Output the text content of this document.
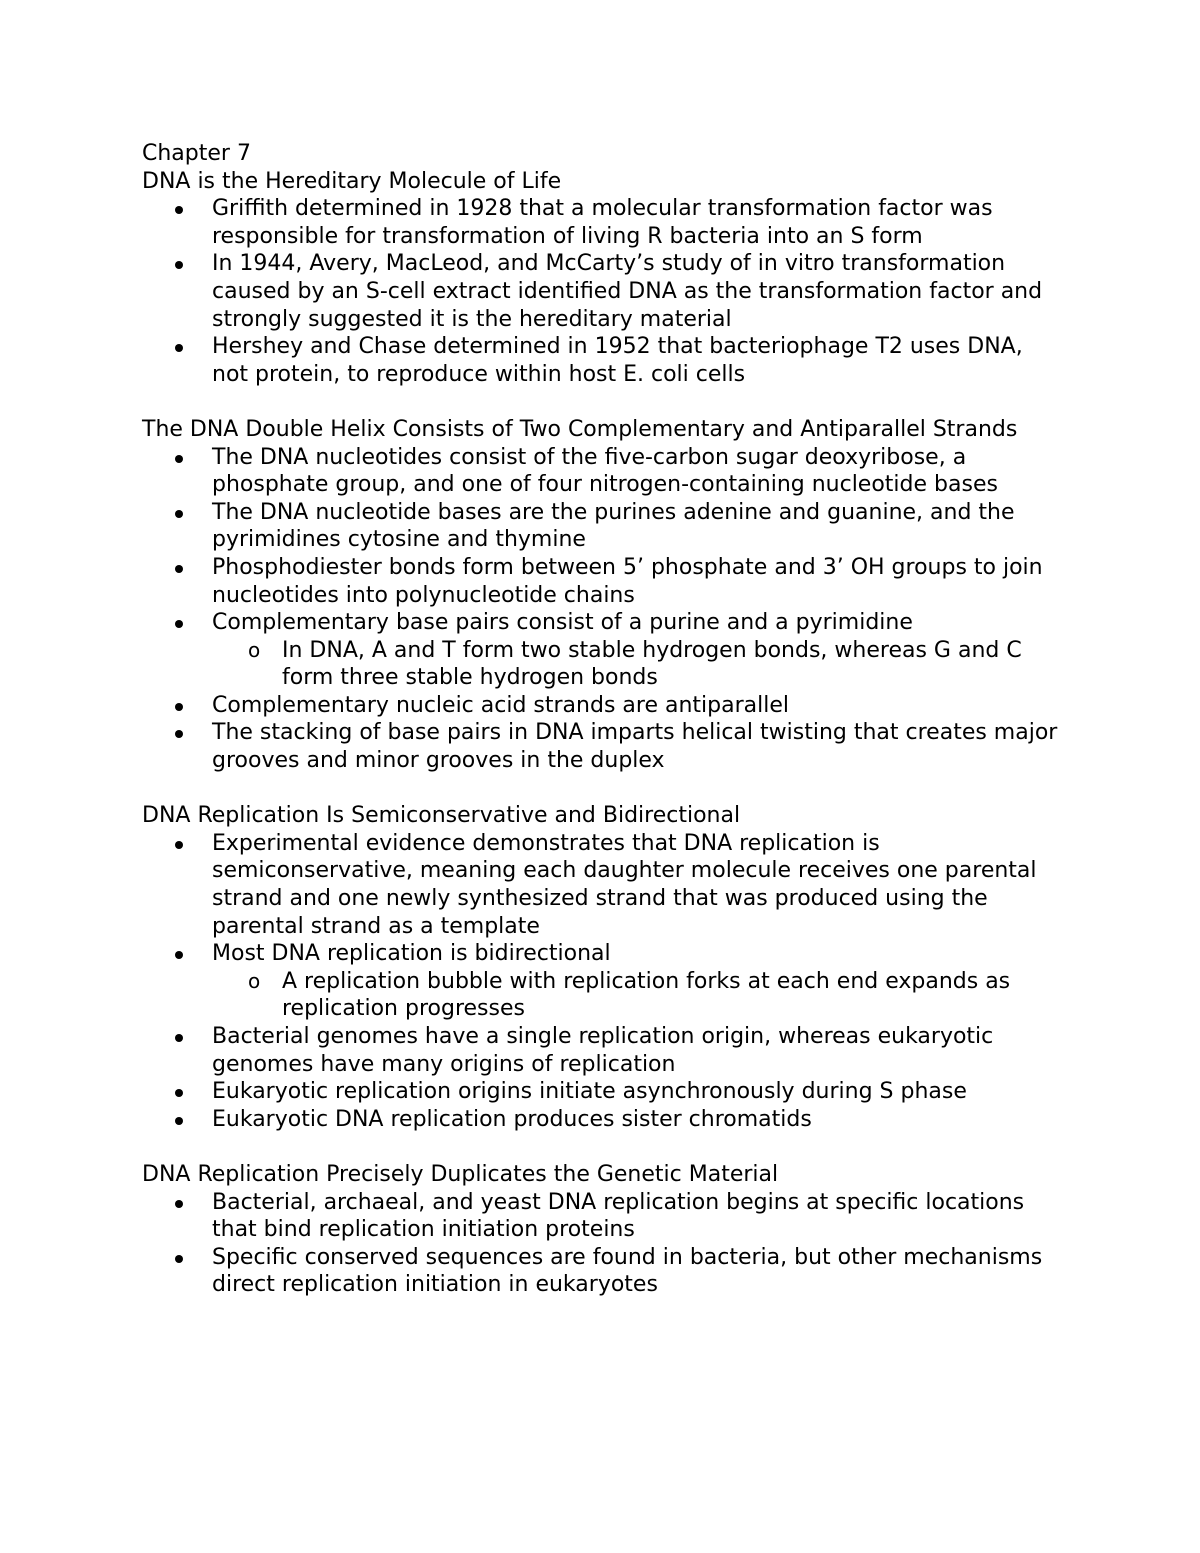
Chapter 7
DNA is the Hereditary Molecule of Life
Griffith determined in 1928 that a molecular transformation factor was responsible for transformation of living R bacteria into an S form
In 1944, Avery, MacLeod, and McCarty’s study of in vitro transformation caused by an S-cell extract identified DNA as the transformation factor and strongly suggested it is the hereditary material
Hershey and Chase determined in 1952 that bacteriophage T2 uses DNA, not protein, to reproduce within host E. coli cells
The DNA Double Helix Consists of Two Complementary and Antiparallel Strands
The DNA nucleotides consist of the five-carbon sugar deoxyribose, a phosphate group, and one of four nitrogen-containing nucleotide bases
The DNA nucleotide bases are the purines adenine and guanine, and the pyrimidines cytosine and thymine
Phosphodiester bonds form between 5’ phosphate and 3’ OH groups to join nucleotides into polynucleotide chains
Complementary base pairs consist of a purine and a pyrimidine
o In DNA, A and T form two stable hydrogen bonds, whereas G and C form three stable hydrogen bonds
Complementary nucleic acid strands are antiparallel
The stacking of base pairs in DNA imparts helical twisting that creates major grooves and minor grooves in the duplex
DNA Replication Is Semiconservative and Bidirectional
Experimental evidence demonstrates that DNA replication is semiconservative, meaning each daughter molecule receives one parental strand and one newly synthesized strand that was produced using the parental strand as a template
Most DNA replication is bidirectional
o A replication bubble with replication forks at each end expands as replication progresses
Bacterial genomes have a single replication origin, whereas eukaryotic genomes have many origins of replication
Eukaryotic replication origins initiate asynchronously during S phase
Eukaryotic DNA replication produces sister chromatids
DNA Replication Precisely Duplicates the Genetic Material
Bacterial, archaeal, and yeast DNA replication begins at specific locations that bind replication initiation proteins
Specific conserved sequences are found in bacteria, but other mechanisms direct replication initiation in eukaryotes
